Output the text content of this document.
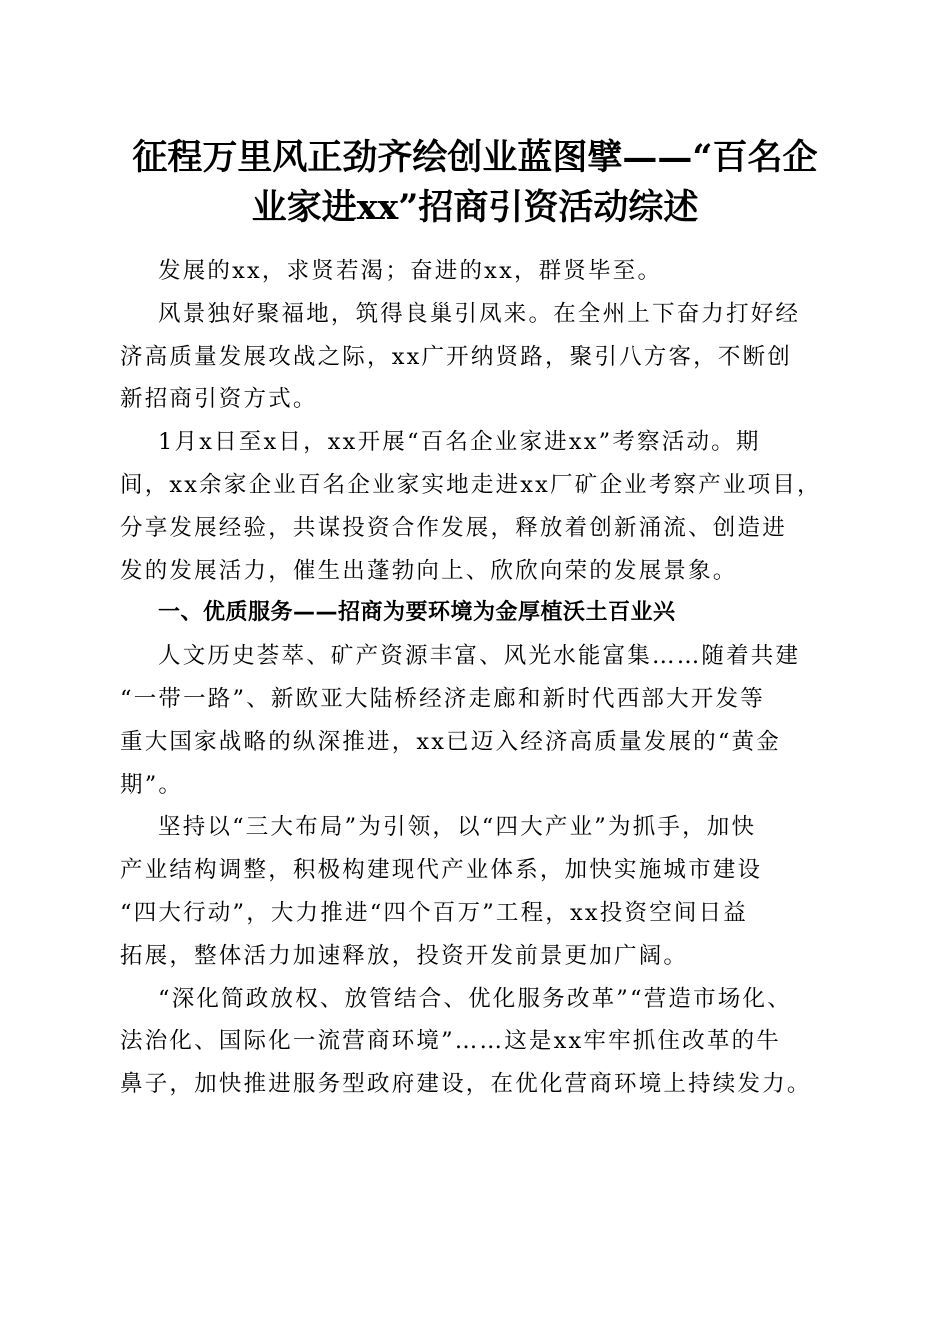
征程万里风正劲齐绘创业蓝图擘——“百名企
业家进xx”招商引资活动综述

发展的xx，求贤若渴；奋进的xx，群贤毕至。

风景独好聚福地，筑得良巢引凤来。在全州上下奋力打好经
济高质量发展攻战之际，xx广开纳贤路，聚引八方客，不断创
新招商引资方式。

1月x日至x日，xx开展“百名企业家进xx”考察活动。期
间，xx余家企业百名企业家实地走进xx厂矿企业考察产业项目，
分享发展经验，共谋投资合作发展，释放着创新涌流、创造进
发的发展活力，催生出蓬勃向上、欣欣向荣的发展景象。

一、优质服务——招商为要环境为金厚植沃土百业兴

人文历史荟萃、矿产资源丰富、风光水能富集……随着共建
“一带一路”、新欧亚大陆桥经济走廊和新时代西部大开发等
重大国家战略的纵深推进，xx已迈入经济高质量发展的“黄金
期”。

坚持以“三大布局”为引领，以“四大产业”为抓手，加快
产业结构调整，积极构建现代产业体系，加快实施城市建设
“四大行动”，大力推进“四个百万”工程，xx投资空间日益
拓展，整体活力加速释放，投资开发前景更加广阔。

“深化简政放权、放管结合、优化服务改革”“营造市场化、
法治化、国际化一流营商环境”……这是xx牢牢抓住改革的牛
鼻子，加快推进服务型政府建设，在优化营商环境上持续发力。
